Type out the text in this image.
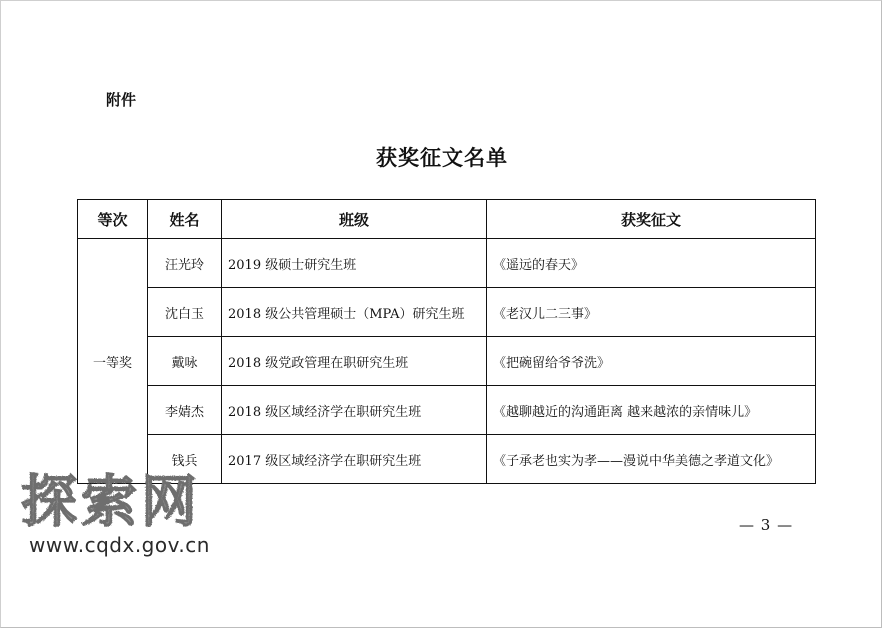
附件
获奖征文名单
等次	姓名	班级	获奖征文
一等奖	汪光玲	2019 级硕士研究生班	《遥远的春天》
	沈白玉	2018 级公共管理硕士（MPA）研究生班	《老汉儿二三事》
	戴咏	2018 级党政管理在职研究生班	《把碗留给爷爷洗》
	李婧杰	2018 级区域经济学在职研究生班	《越聊越近的沟通距离 越来越浓的亲情味儿》
	钱兵	2017 级区域经济学在职研究生班	《子承老也实为孝——漫说中华美德之孝道文化》
— 3 —
探索网
www.cqdx.gov.cn
